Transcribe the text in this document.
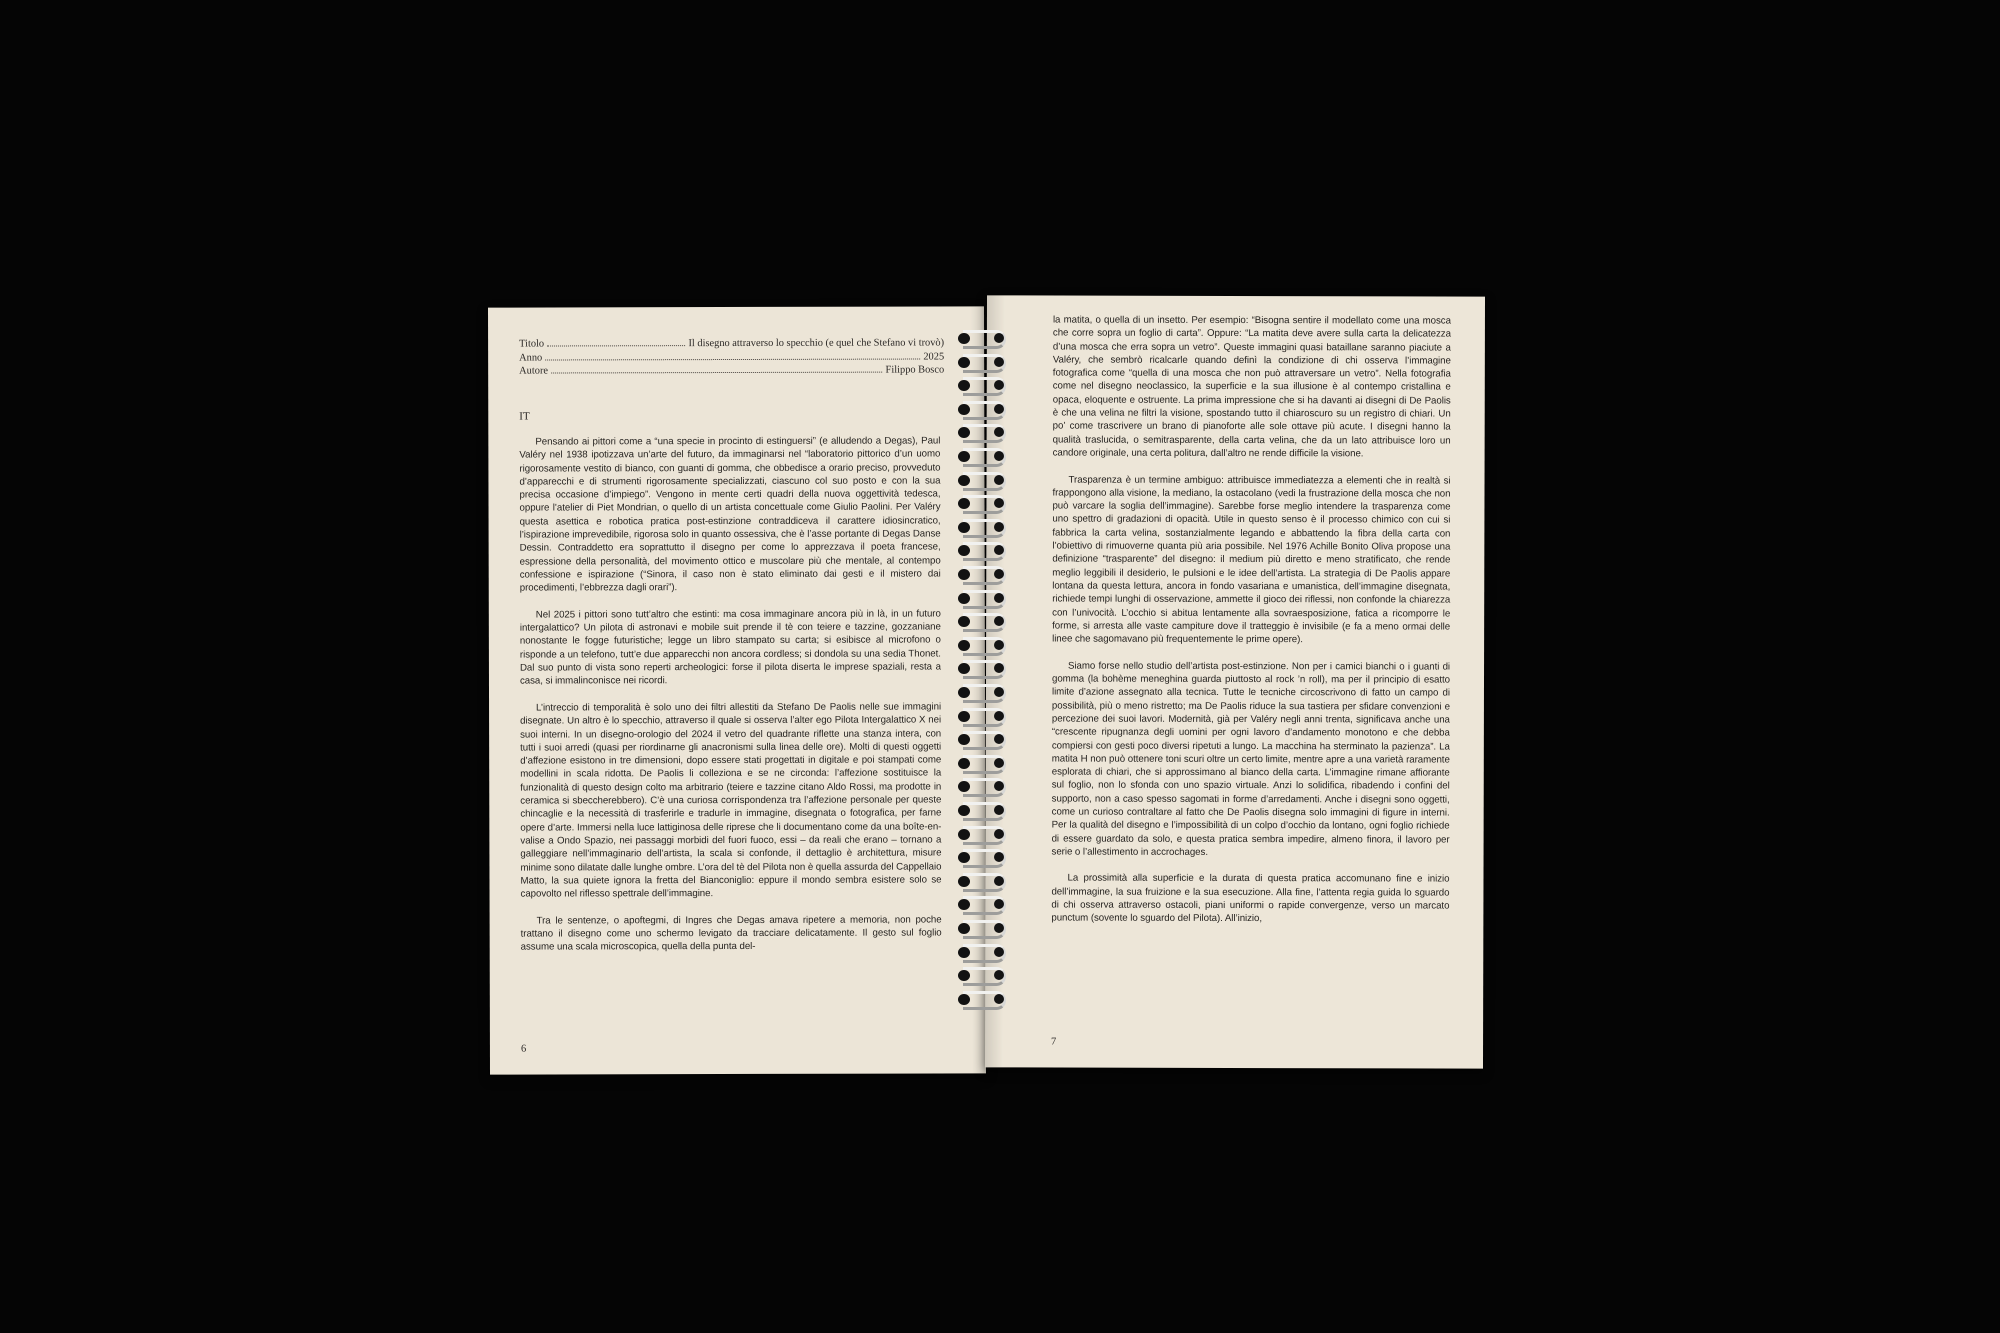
Titolo	Il disegno attraverso lo specchio (e quel che Stefano vi trovò)
Anno	2025
Autore	Filippo Bosco
IT

Pensando ai pittori come a “una specie in procinto di estinguersi” (e alludendo a Degas), Paul Valéry nel 1938 ipotizzava un’arte del futuro, da immaginarsi nel “laboratorio pittorico d’un uomo rigorosamente vestito di bianco, con guanti di gomma, che obbedisce a orario preciso, provveduto d’apparecchi e di strumenti rigorosamente specializzati, ciascuno col suo posto e con la sua precisa occasione d’impiego”. Vengono in mente certi quadri della nuova oggettività tedesca, oppure l’atelier di Piet Mondrian, o quello di un artista concettuale come Giulio Paolini. Per Valéry questa asettica e robotica pratica post-estinzione contraddiceva il carattere idiosincratico, l’ispirazione imprevedibile, rigorosa solo in quanto ossessiva, che è l’asse portante di Degas Danse Dessin. Contraddetto era soprattutto il disegno per come lo apprezzava il poeta francese, espressione della personalità, del movimento ottico e muscolare più che mentale, al contempo confessione e ispirazione (“Sinora, il caso non è stato eliminato dai gesti e il mistero dai procedimenti, l’ebbrezza dagli orari”).

Nel 2025 i pittori sono tutt’altro che estinti: ma cosa immaginare ancora più in là, in un futuro intergalattico? Un pilota di astronavi e mobile suit prende il tè con teiere e tazzine, gozzaniane nonostante le fogge futuristiche; legge un libro stampato su carta; si esibisce al microfono o risponde a un telefono, tutt’e due apparecchi non ancora cordless; si dondola su una sedia Thonet. Dal suo punto di vista sono reperti archeologici: forse il pilota diserta le imprese spaziali, resta a casa, si immalinconisce nei ricordi.

L’intreccio di temporalità è solo uno dei filtri allestiti da Stefano De Paolis nelle sue immagini disegnate. Un altro è lo specchio, attraverso il quale si osserva l’alter ego Pilota Intergalattico X nei suoi interni. In un disegno-orologio del 2024 il vetro del quadrante riflette una stanza intera, con tutti i suoi arredi (quasi per riordinarne gli anacronismi sulla linea delle ore). Molti di questi oggetti d’affezione esistono in tre dimensioni, dopo essere stati progettati in digitale e poi stampati come modellini in scala ridotta. De Paolis li colleziona e se ne circonda: l’affezione sostituisce la funzionalità di questo design colto ma arbitrario (teiere e tazzine citano Aldo Rossi, ma prodotte in ceramica si sbeccherebbero). C’è una curiosa corrispondenza tra l’affezione personale per queste chincaglie e la necessità di trasferirle e tradurle in immagine, disegnata o fotografica, per farne opere d’arte. Immersi nella luce lattiginosa delle riprese che li documentano come da una boîte-en-valise a Ondo Spazio, nei passaggi morbidi del fuori fuoco, essi – da reali che erano – tornano a galleggiare nell’immaginario dell’artista, la scala si confonde, il dettaglio è architettura, misure minime sono dilatate dalle lunghe ombre. L’ora del tè del Pilota non è quella assurda del Cappellaio Matto, la sua quiete ignora la fretta del Bianconiglio: eppure il mondo sembra esistere solo se capovolto nel riflesso spettrale dell’immagine.

Tra le sentenze, o apoftegmi, di Ingres che Degas amava ripetere a memoria, non poche trattano il disegno come uno schermo levigato da tracciare delicatamente. Il gesto sul foglio assume una scala microscopica, quella della punta del-

6

la matita, o quella di un insetto. Per esempio: “Bisogna sentire il modellato come una mosca che corre sopra un foglio di carta”. Oppure: “La matita deve avere sulla carta la delicatezza d’una mosca che erra sopra un vetro”. Queste immagini quasi bataillane saranno piaciute a Valéry, che sembrò ricalcarle quando definì la condizione di chi osserva l’immagine fotografica come “quella di una mosca che non può attraversare un vetro”. Nella fotografia come nel disegno neoclassico, la superficie e la sua illusione è al contempo cristallina e opaca, eloquente e ostruente. La prima impressione che si ha davanti ai disegni di De Paolis è che una velina ne filtri la visione, spostando tutto il chiaroscuro su un registro di chiari. Un po’ come trascrivere un brano di pianoforte alle sole ottave più acute. I disegni hanno la qualità traslucida, o semitrasparente, della carta velina, che da un lato attribuisce loro un candore originale, una certa politura, dall’altro ne rende difficile la visione.

Trasparenza è un termine ambiguo: attribuisce immediatezza a elementi che in realtà si frappongono alla visione, la mediano, la ostacolano (vedi la frustrazione della mosca che non può varcare la soglia dell’immagine). Sarebbe forse meglio intendere la trasparenza come uno spettro di gradazioni di opacità. Utile in questo senso è il processo chimico con cui si fabbrica la carta velina, sostanzialmente legando e abbattendo la fibra della carta con l’obiettivo di rimuoverne quanta più aria possibile. Nel 1976 Achille Bonito Oliva propose una definizione “trasparente” del disegno: il medium più diretto e meno stratificato, che rende meglio leggibili il desiderio, le pulsioni e le idee dell’artista. La strategia di De Paolis appare lontana da questa lettura, ancora in fondo vasariana e umanistica, dell’immagine disegnata, richiede tempi lunghi di osservazione, ammette il gioco dei riflessi, non confonde la chiarezza con l’univocità. L’occhio si abitua lentamente alla sovraesposizione, fatica a ricomporre le forme, si arresta alle vaste campiture dove il tratteggio è invisibile (e fa a meno ormai delle linee che sagomavano più frequentemente le prime opere).

Siamo forse nello studio dell’artista post-estinzione. Non per i camici bianchi o i guanti di gomma (la bohème meneghina guarda piuttosto al rock ’n roll), ma per il principio di esatto limite d’azione assegnato alla tecnica. Tutte le tecniche circoscrivono di fatto un campo di possibilità, più o meno ristretto; ma De Paolis riduce la sua tastiera per sfidare convenzioni e percezione dei suoi lavori. Modernità, già per Valéry negli anni trenta, significava anche una “crescente ripugnanza degli uomini per ogni lavoro d’andamento monotono e che debba compiersi con gesti poco diversi ripetuti a lungo. La macchina ha sterminato la pazienza”. La matita H non può ottenere toni scuri oltre un certo limite, mentre apre a una varietà raramente esplorata di chiari, che si approssimano al bianco della carta. L’immagine rimane affiorante sul foglio, non lo sfonda con uno spazio virtuale. Anzi lo solidifica, ribadendo i confini del supporto, non a caso spesso sagomati in forme d’arredamenti. Anche i disegni sono oggetti, come un curioso contraltare al fatto che De Paolis disegna solo immagini di figure in interni. Per la qualità del disegno e l’impossibilità di un colpo d’occhio da lontano, ogni foglio richiede di essere guardato da solo, e questa pratica sembra impedire, almeno finora, il lavoro per serie o l’allestimento in accrochages.

La prossimità alla superficie e la durata di questa pratica accomunano fine e inizio dell’immagine, la sua fruizione e la sua esecuzione. Alla fine, l’attenta regia guida lo sguardo di chi osserva attraverso ostacoli, piani uniformi o rapide convergenze, verso un marcato punctum (sovente lo sguardo del Pilota). All’inizio,

7
